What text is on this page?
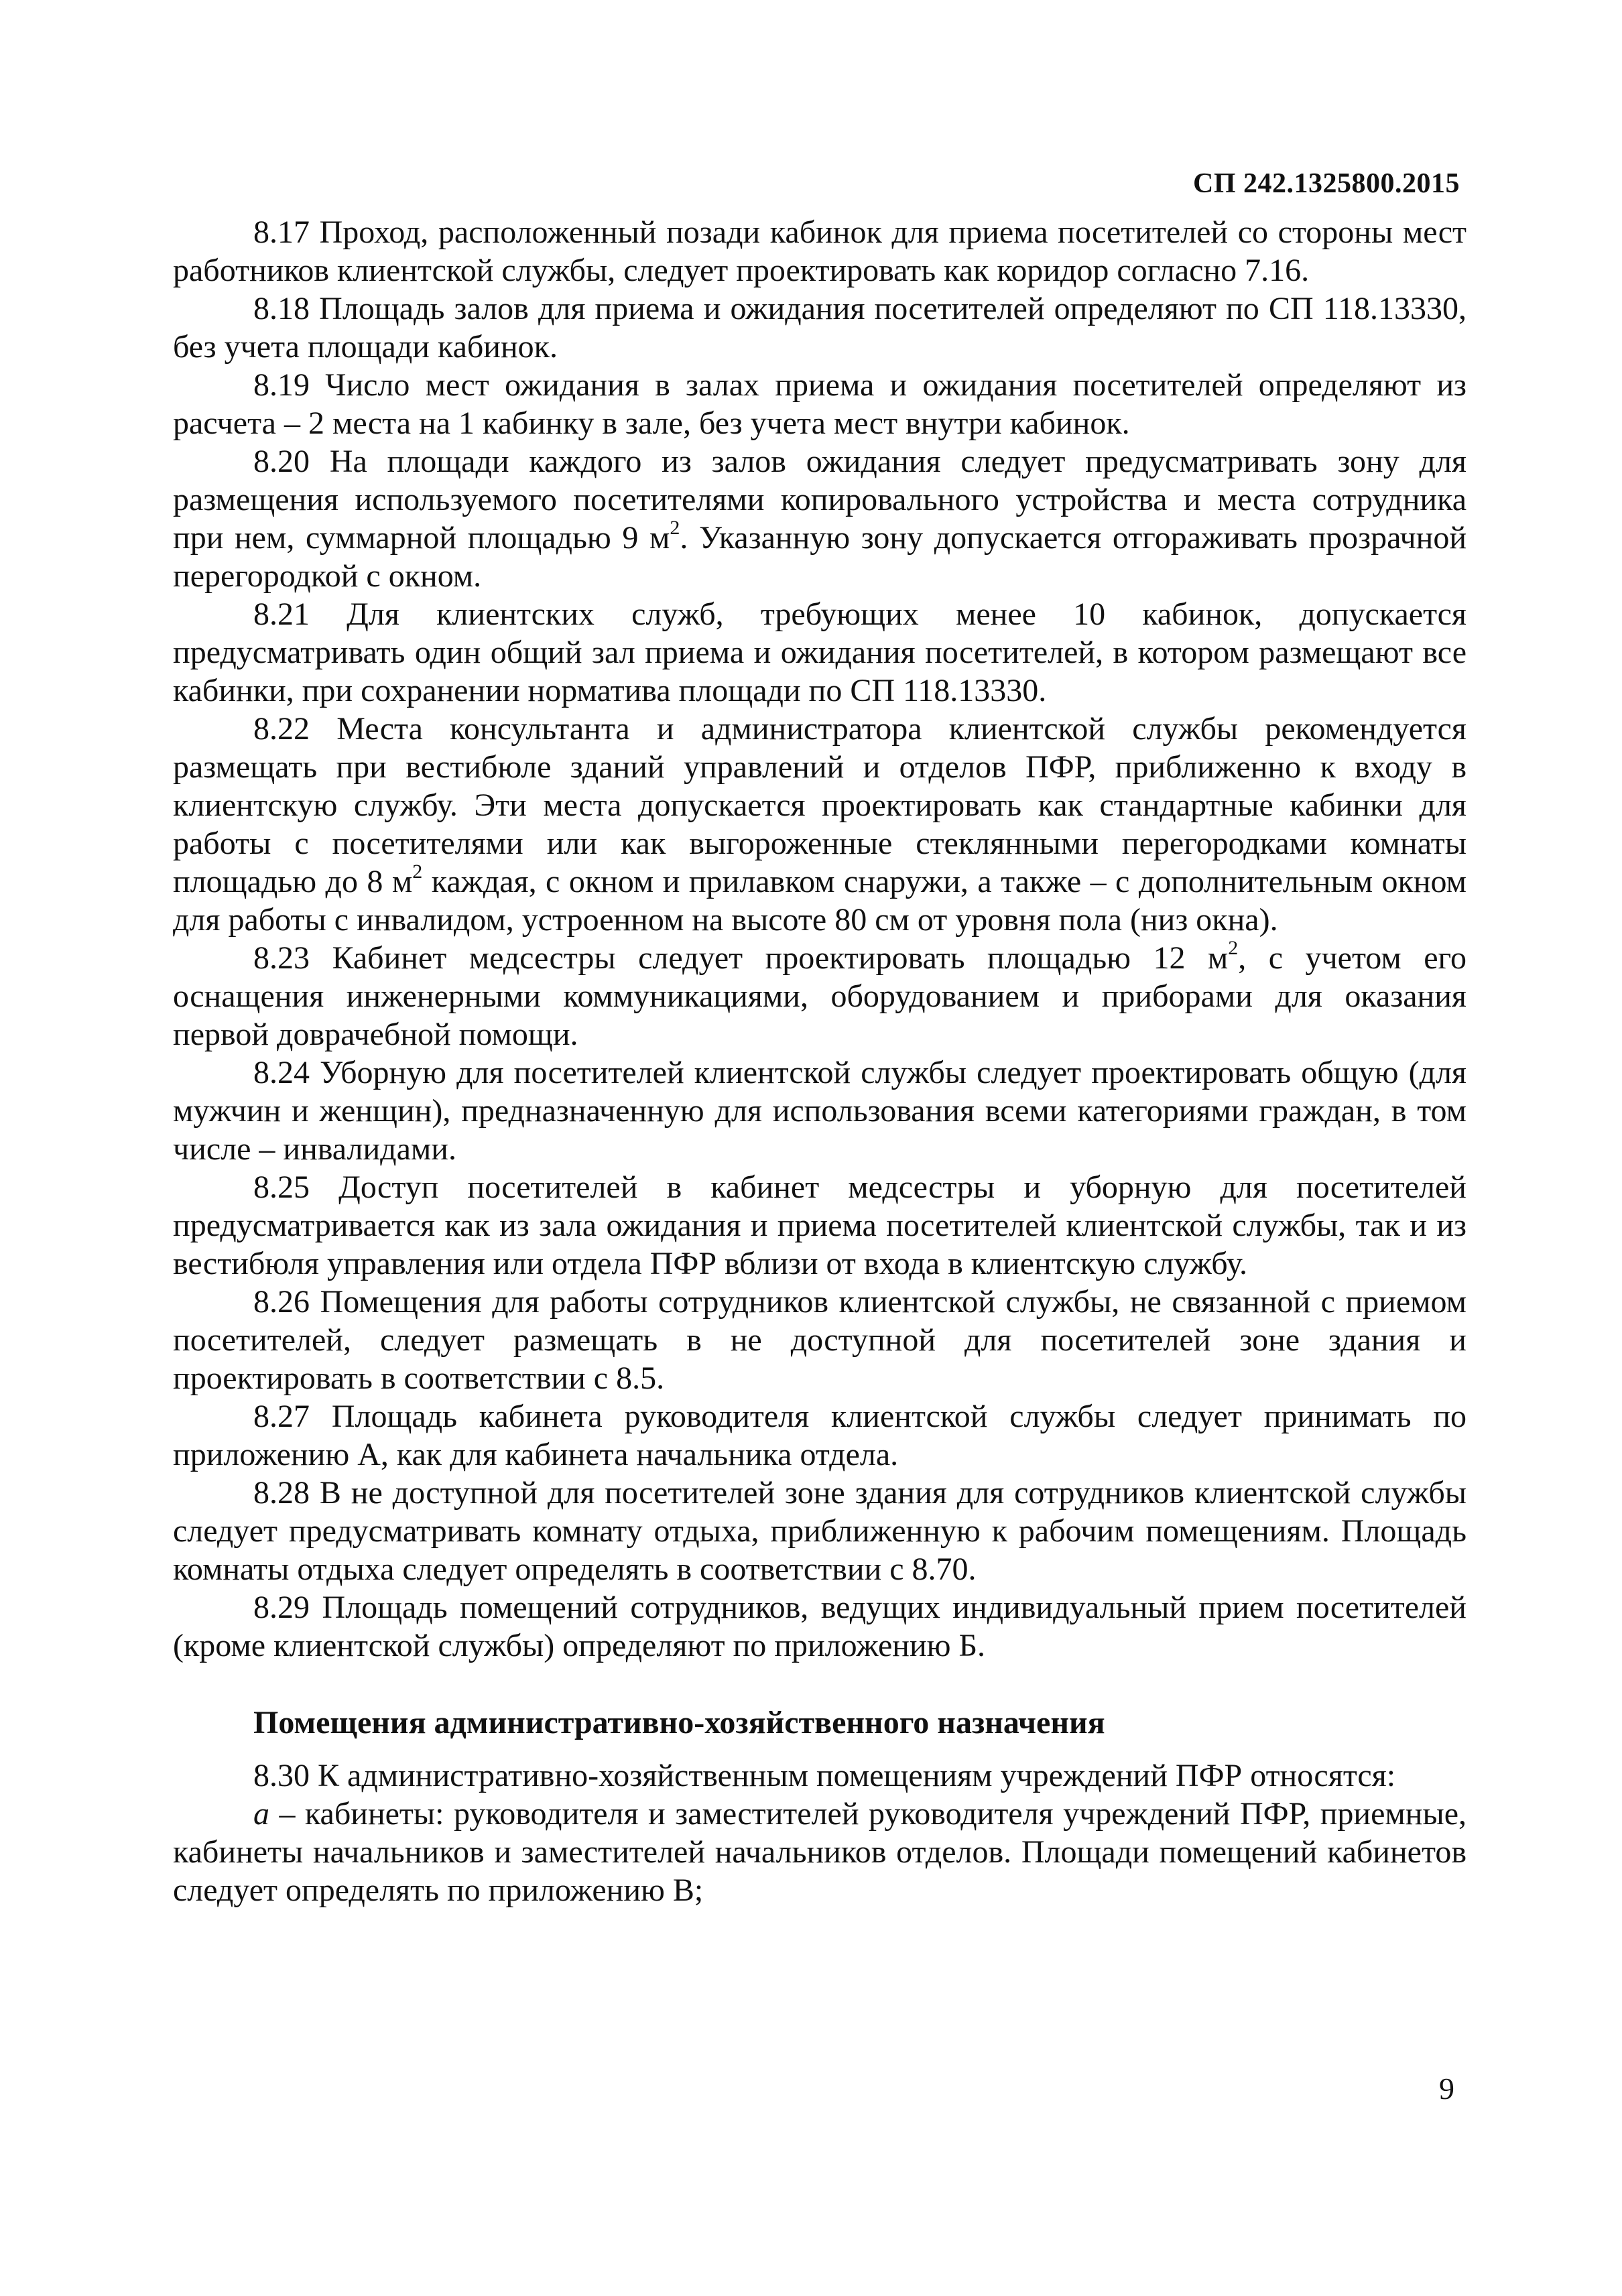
СП 242.1325800.2015

8.17 Проход, расположенный позади кабинок для приема посетителей со стороны мест работников клиентской службы, следует проектировать как коридор согласно 7.16.

8.18 Площадь залов для приема и ожидания посетителей определяют по СП 118.13330, без учета площади кабинок.

8.19 Число мест ожидания в залах приема и ожидания посетителей определяют из расчета – 2 места на 1 кабинку в зале, без учета мест внутри кабинок.

8.20 На площади каждого из залов ожидания следует предусматривать зону для размещения используемого посетителями копировального устройства и места сотрудника при нем, суммарной площадью 9 $м^2$. Указанную зону допускается отгораживать прозрачной перегородкой с окном.

8.21 Для клиентских служб, требующих менее 10 кабинок, допускается предусматривать один общий зал приема и ожидания посетителей, в котором размещают все кабинки, при сохранении норматива площади по СП 118.13330.

8.22 Места консультанта и администратора клиентской службы рекомендуется размещать при вестибюле зданий управлений и отделов ПФР, приближенно к входу в клиентскую службу. Эти места допускается проектировать как стандартные кабинки для работы с посетителями или как выгороженные стеклянными перегородками комнаты площадью до 8 $м^2$ каждая, с окном и прилавком снаружи, а также – с дополнительным окном для работы с инвалидом, устроенном на высоте 80 см от уровня пола (низ окна).

8.23 Кабинет медсестры следует проектировать площадью 12 $м^2$, с учетом его оснащения инженерными коммуникациями, оборудованием и приборами для оказания первой доврачебной помощи.

8.24 Уборную для посетителей клиентской службы следует проектировать общую (для мужчин и женщин), предназначенную для использования всеми категориями граждан, в том числе – инвалидами.

8.25 Доступ посетителей в кабинет медсестры и уборную для посетителей предусматривается как из зала ожидания и приема посетителей клиентской службы, так и из вестибюля управления или отдела ПФР вблизи от входа в клиентскую службу.

8.26 Помещения для работы сотрудников клиентской службы, не связанной с приемом посетителей, следует размещать в не доступной для посетителей зоне здания и проектировать в соответствии с 8.5.

8.27 Площадь кабинета руководителя клиентской службы следует принимать по приложению А, как для кабинета начальника отдела.

8.28 В не доступной для посетителей зоне здания для сотрудников клиентской службы следует предусматривать комнату отдыха, приближенную к рабочим помещениям. Площадь комнаты отдыха следует определять в соответствии с 8.70.

8.29 Площадь помещений сотрудников, ведущих индивидуальный прием посетителей (кроме клиентской службы) определяют по приложению Б.

Помещения административно-хозяйственного назначения

8.30 К административно-хозяйственным помещениям учреждений ПФР относятся:

а – кабинеты: руководителя и заместителей руководителя учреждений ПФР, приемные, кабинеты начальников и заместителей начальников отделов. Площади помещений кабинетов следует определять по приложению В;

9
